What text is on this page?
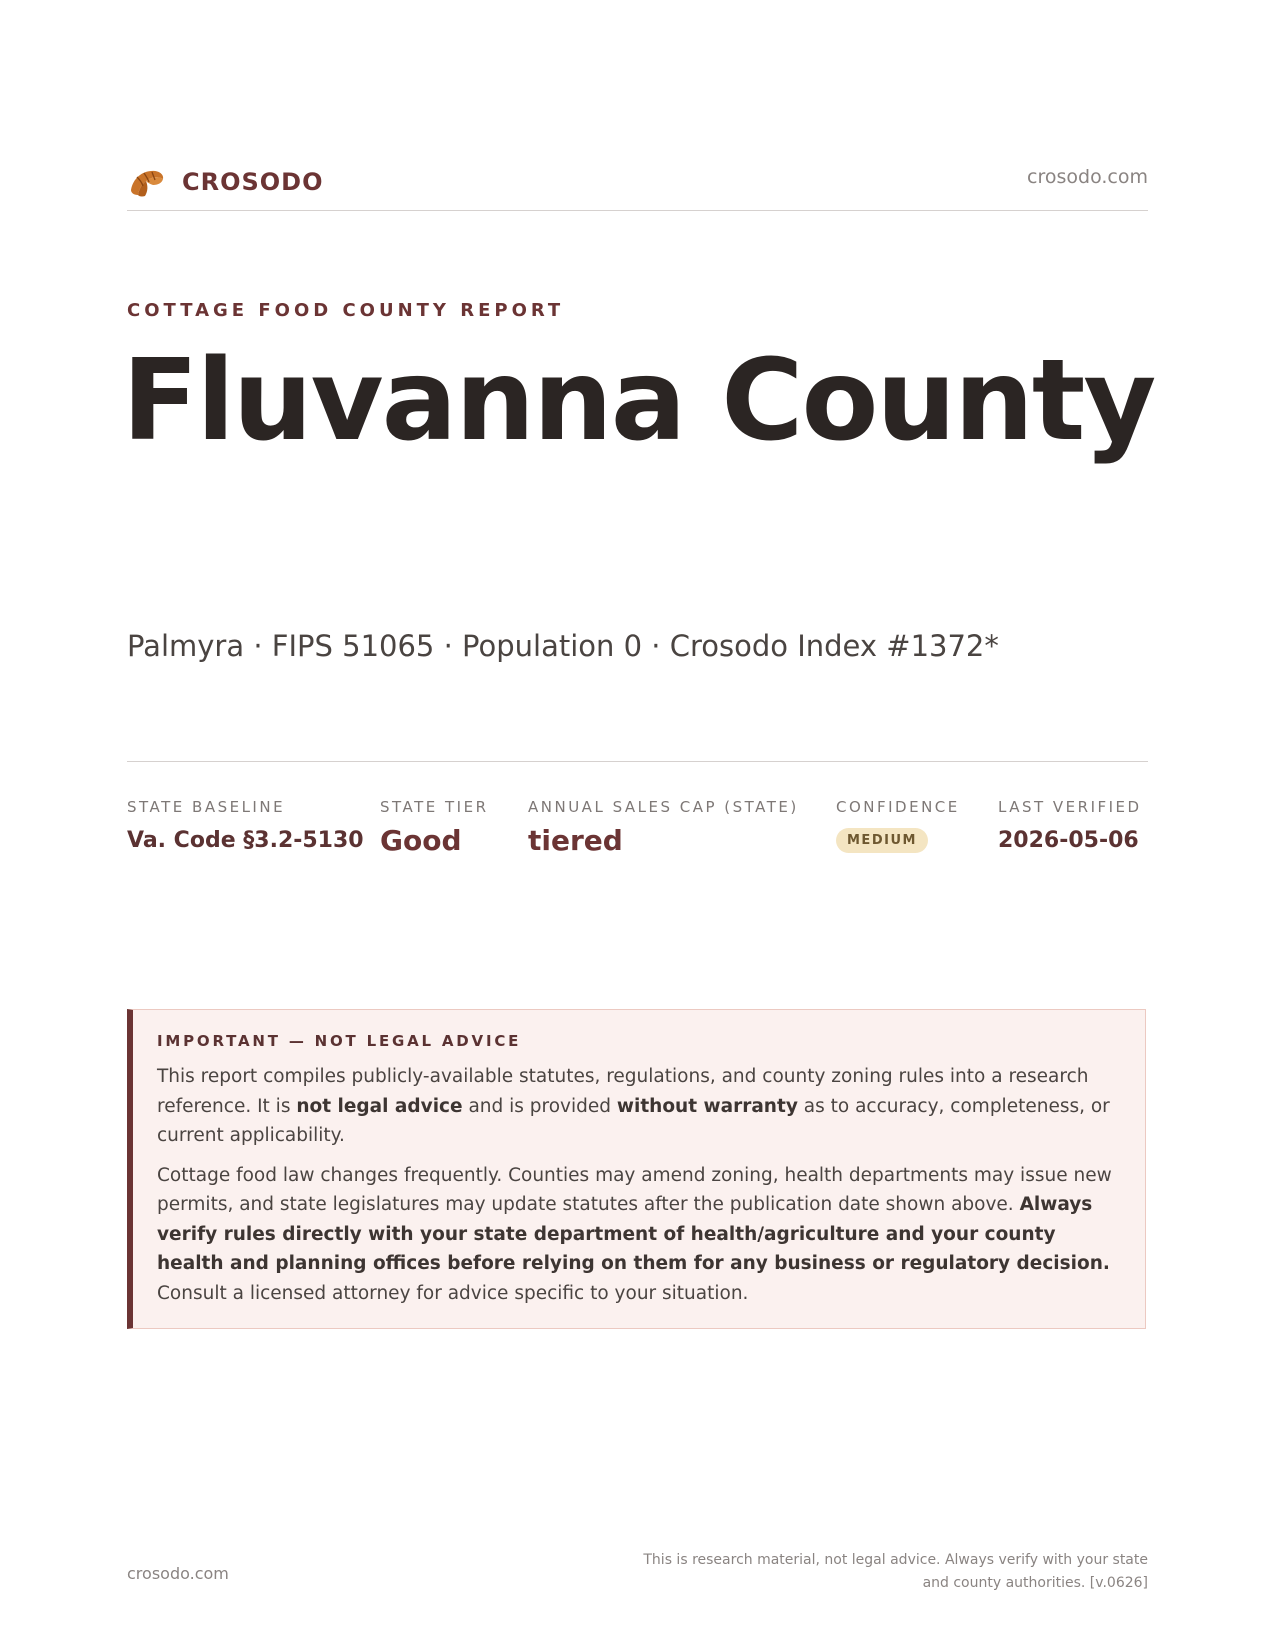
CROSODO	crosodo.com
COTTAGE FOOD COUNTY REPORT
Fluvanna County
Palmyra · FIPS 51065 · Population 0 · Crosodo Index #1372*
STATE BASELINE
Va. Code §3.2-5130
STATE TIER
Good
ANNUAL SALES CAP (STATE)
tiered
CONFIDENCE
MEDIUM
LAST VERIFIED
2026-05-06
IMPORTANT — NOT LEGAL ADVICE

This report compiles publicly-available statutes, regulations, and county zoning rules into a research reference. It is not legal advice and is provided without warranty as to accuracy, completeness, or current applicability.

Cottage food law changes frequently. Counties may amend zoning, health departments may issue new permits, and state legislatures may update statutes after the publication date shown above. Always verify rules directly with your state department of health/agriculture and your county health and planning offices before relying on them for any business or regulatory decision. Consult a licensed attorney for advice specific to your situation.

crosodo.com
This is research material, not legal advice. Always verify with your state
and county authorities. [v.0626]
